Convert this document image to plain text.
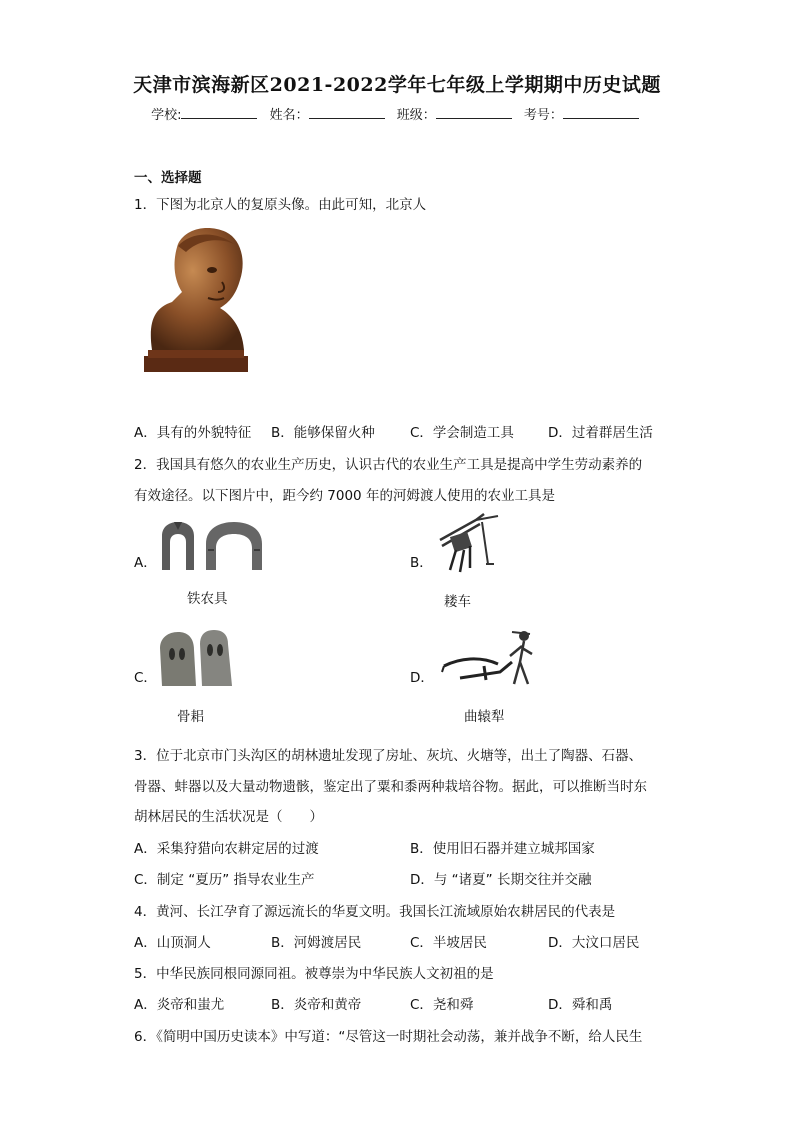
天津市滨海新区2021-2022学年七年级上学期期中历史试题
学校:	姓名：	班级：	考号：
一、选择题
1．下图为北京人的复原头像。由此可知，北京人
A．具有的外貌特征 B．能够保留火种	C．学会制造工具	D．过着群居生活
2．我国具有悠久的农业生产历史，认识古代的农业生产工具是提高中学生劳动素养的
有效途径。以下图片中，距今约 7000 年的河姆渡人使用的农业工具是
A．
铁农具
B．
耧车
C．
骨耜
D．
曲辕犁
3．位于北京市门头沟区的胡林遗址发现了房址、灰坑、火塘等，出土了陶器、石器、
骨器、蚌器以及大量动物遗骸，鉴定出了粟和黍两种栽培谷物。据此，可以推断当时东
胡林居民的生活状况是（　　）
A．采集狩猎向农耕定居的过渡	B．使用旧石器并建立城邦国家
C．制定 “夏历” 指导农业生产	D．与 “诸夏” 长期交往并交融
4．黄河、长江孕育了源远流长的华夏文明。我国长江流域原始农耕居民的代表是
A．山顶洞人	B．河姆渡居民	C．半坡居民	D．大汶口居民
5．中华民族同根同源同祖。被尊崇为中华民族人文初祖的是
A．炎帝和蚩尤	B．炎帝和黄帝	C．尧和舜	D．舜和禹
6．《简明中国历史读本》中写道：“尽管这一时期社会动荡，兼并战争不断，给人民生
